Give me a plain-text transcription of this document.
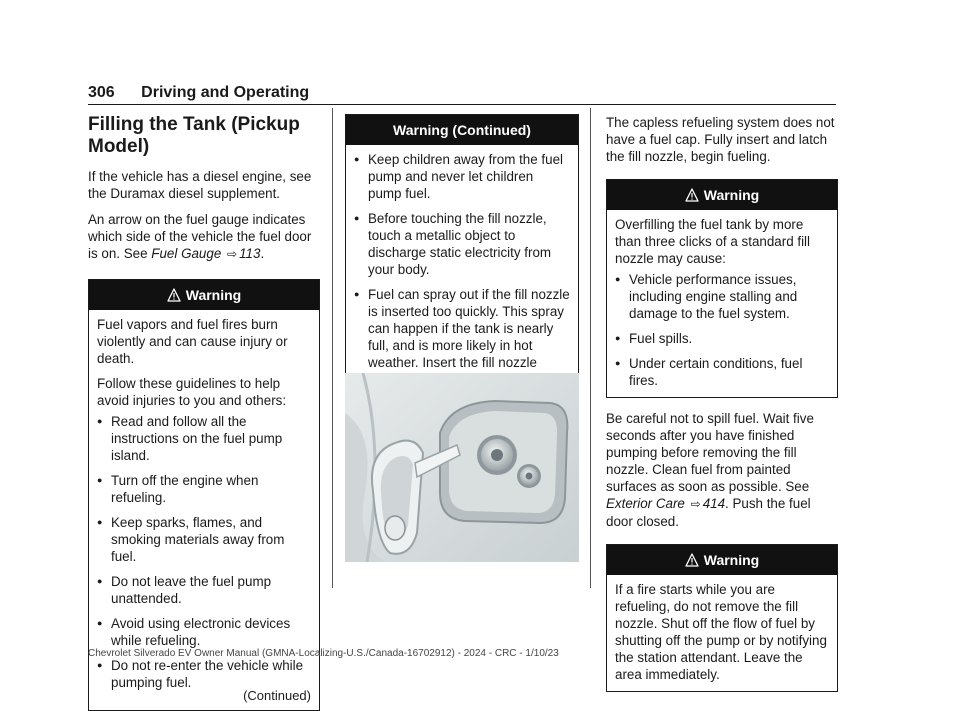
306 Driving and Operating
Filling the Tank (Pickup Model)

If the vehicle has a diesel engine, see the Duramax diesel supplement.

An arrow on the fuel gauge indicates which side of the vehicle the fuel door is on. See Fuel Gauge ⇨ 113.

Warning

Fuel vapors and fuel fires burn violently and can cause injury or death.

Follow these guidelines to help avoid injuries to you and others:

● Read and follow all the instructions on the fuel pump island.
● Turn off the engine when refueling.
● Keep sparks, flames, and smoking materials away from fuel.
● Do not leave the fuel pump unattended.
● Avoid using electronic devices while refueling.
● Do not re-enter the vehicle while pumping fuel.
(Continued)
Warning (Continued)
● Keep children away from the fuel pump and never let children pump fuel.
● Before touching the fill nozzle, touch a metallic object to discharge static electricity from your body.
● Fuel can spray out if the fill nozzle is inserted too quickly. This spray can happen if the tank is nearly full, and is more likely in hot weather. Insert the fill nozzle

The capless refueling system does not have a fuel cap. Fully insert and latch the fill nozzle, begin fueling.

Warning

Overfilling the fuel tank by more than three clicks of a standard fill nozzle may cause:

● Vehicle performance issues, including engine stalling and damage to the fuel system.
● Fuel spills.
● Under certain conditions, fuel fires.

Be careful not to spill fuel. Wait five seconds after you have finished pumping before removing the fill nozzle. Clean fuel from painted surfaces as soon as possible. See Exterior Care ⇨ 414. Push the fuel door closed.

Warning

If a fire starts while you are refueling, do not remove the fill nozzle. Shut off the flow of fuel by shutting off the pump or by notifying the station attendant. Leave the area immediately.

Chevrolet Silverado EV Owner Manual (GMNA-Localizing-U.S./Canada-16702912) - 2024 - CRC - 1/10/23
